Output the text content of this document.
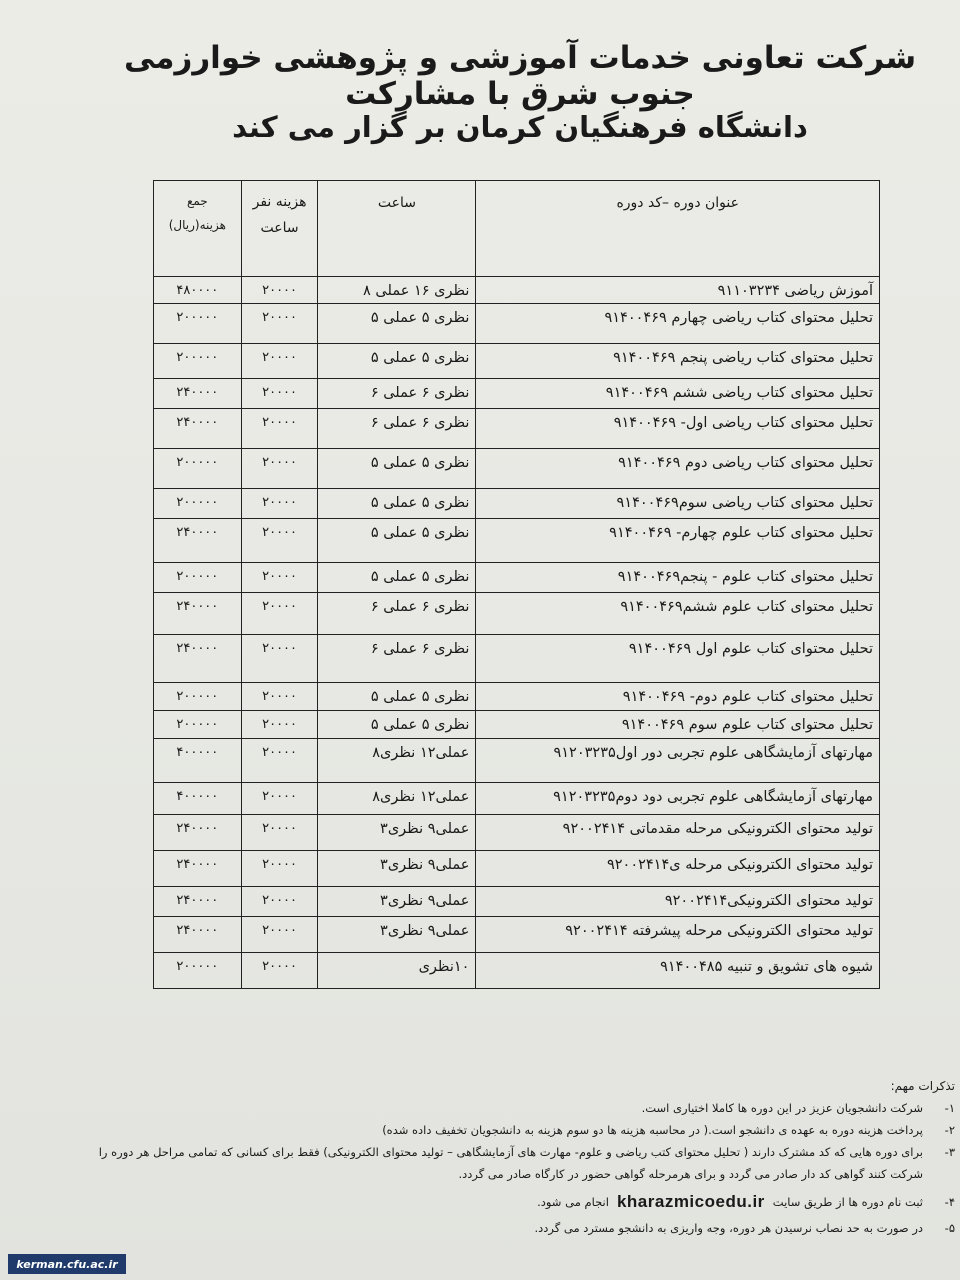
شرکت تعاونی خدمات آموزشی و پژوهشی خوارزمی جنوب شرق با مشارکت
دانشگاه فرهنگیان کرمان بر گزار می کند
عنوان دوره –کد دوره	ساعت	هزینه نفر ساعت	جمع هزینه(ریال)

آموزش ریاضی ۹۱۱۰۳۲۳۴	نظری ۱۶ عملی ۸	۲۰۰۰۰	۴۸۰۰۰۰

تحلیل محتوای کتاب ریاضی چهارم ۹۱۴۰۰۴۶۹	نظری ۵ عملی ۵	۲۰۰۰۰	۲۰۰۰۰۰

تحلیل محتوای کتاب ریاضی پنجم ۹۱۴۰۰۴۶۹	نظری ۵ عملی ۵	۲۰۰۰۰	۲۰۰۰۰۰

تحلیل محتوای کتاب ریاضی ششم ۹۱۴۰۰۴۶۹	نظری ۶ عملی ۶	۲۰۰۰۰	۲۴۰۰۰۰

تحلیل محتوای کتاب ریاضی اول- ۹۱۴۰۰۴۶۹	نظری ۶ عملی ۶	۲۰۰۰۰	۲۴۰۰۰۰

تحلیل محتوای کتاب ریاضی دوم ۹۱۴۰۰۴۶۹	نظری ۵ عملی ۵	۲۰۰۰۰	۲۰۰۰۰۰

تحلیل محتوای کتاب ریاضی سوم۹۱۴۰۰۴۶۹	نظری ۵ عملی ۵	۲۰۰۰۰	۲۰۰۰۰۰

تحلیل محتوای کتاب علوم چهارم- ۹۱۴۰۰۴۶۹	نظری ۵ عملی ۵	۲۰۰۰۰	۲۴۰۰۰۰

تحلیل محتوای کتاب علوم - پنجم۹۱۴۰۰۴۶۹	نظری ۵ عملی ۵	۲۰۰۰۰	۲۰۰۰۰۰

تحلیل محتوای کتاب علوم ششم۹۱۴۰۰۴۶۹	نظری ۶ عملی ۶	۲۰۰۰۰	۲۴۰۰۰۰

تحلیل محتوای کتاب علوم اول ۹۱۴۰۰۴۶۹	نظری ۶ عملی ۶	۲۰۰۰۰	۲۴۰۰۰۰

تحلیل محتوای کتاب علوم دوم- ۹۱۴۰۰۴۶۹	نظری ۵ عملی ۵	۲۰۰۰۰	۲۰۰۰۰۰

تحلیل محتوای کتاب علوم سوم ۹۱۴۰۰۴۶۹	نظری ۵ عملی ۵	۲۰۰۰۰	۲۰۰۰۰۰

مهارتهای آزمایشگاهی علوم تجربی دور اول۹۱۲۰۳۲۳۵	عملی۱۲ نظری۸	۲۰۰۰۰	۴۰۰۰۰۰

مهارتهای آزمایشگاهی علوم تجربی دود دوم۹۱۲۰۳۲۳۵	عملی۱۲ نظری۸	۲۰۰۰۰	۴۰۰۰۰۰

تولید محتوای الکترونیکی مرحله مقدماتی ۹۲۰۰۲۴۱۴	عملی۹ نظری۳	۲۰۰۰۰	۲۴۰۰۰۰

تولید محتوای الکترونیکی مرحله ی۹۲۰۰۲۴۱۴	عملی۹ نظری۳	۲۰۰۰۰	۲۴۰۰۰۰

تولید محتوای الکترونیکی۹۲۰۰۲۴۱۴	عملی۹ نظری۳	۲۰۰۰۰	۲۴۰۰۰۰

تولید محتوای الکترونیکی مرحله پیشرفته ۹۲۰۰۲۴۱۴	عملی۹ نظری۳	۲۰۰۰۰	۲۴۰۰۰۰

شیوه های تشویق و تنبیه ۹۱۴۰۰۴۸۵	۱۰نظری	۲۰۰۰۰	۲۰۰۰۰۰
تذکرات مهم:
۱-
شرکت دانشجویان عزیز در این دوره ها کاملا اختیاری است.
۲-
پرداخت هزینه دوره به عهده ی دانشجو است.( در محاسبه هزینه ها دو سوم هزینه به دانشجویان تخفیف داده شده)
۳-
برای دوره هایی که کد مشترک دارند ( تحلیل محتوای کتب ریاضی و علوم- مهارت های آزمایشگاهی – تولید محتوای الکترونیکی) فقط برای کسانی که تمامی مراحل هر دوره را شرکت کنند گواهی کد دار صادر می گردد و برای هرمرحله گواهی حضور در کارگاه صادر می گردد.
۴-
ثبت نام دوره ها از طریق سایت
kharazmicoedu.ir
انجام می شود.
۵-
در صورت به حد نصاب نرسیدن هر دوره، وجه واریزی به دانشجو مسترد می گردد.
kerman.cfu.ac.ir
